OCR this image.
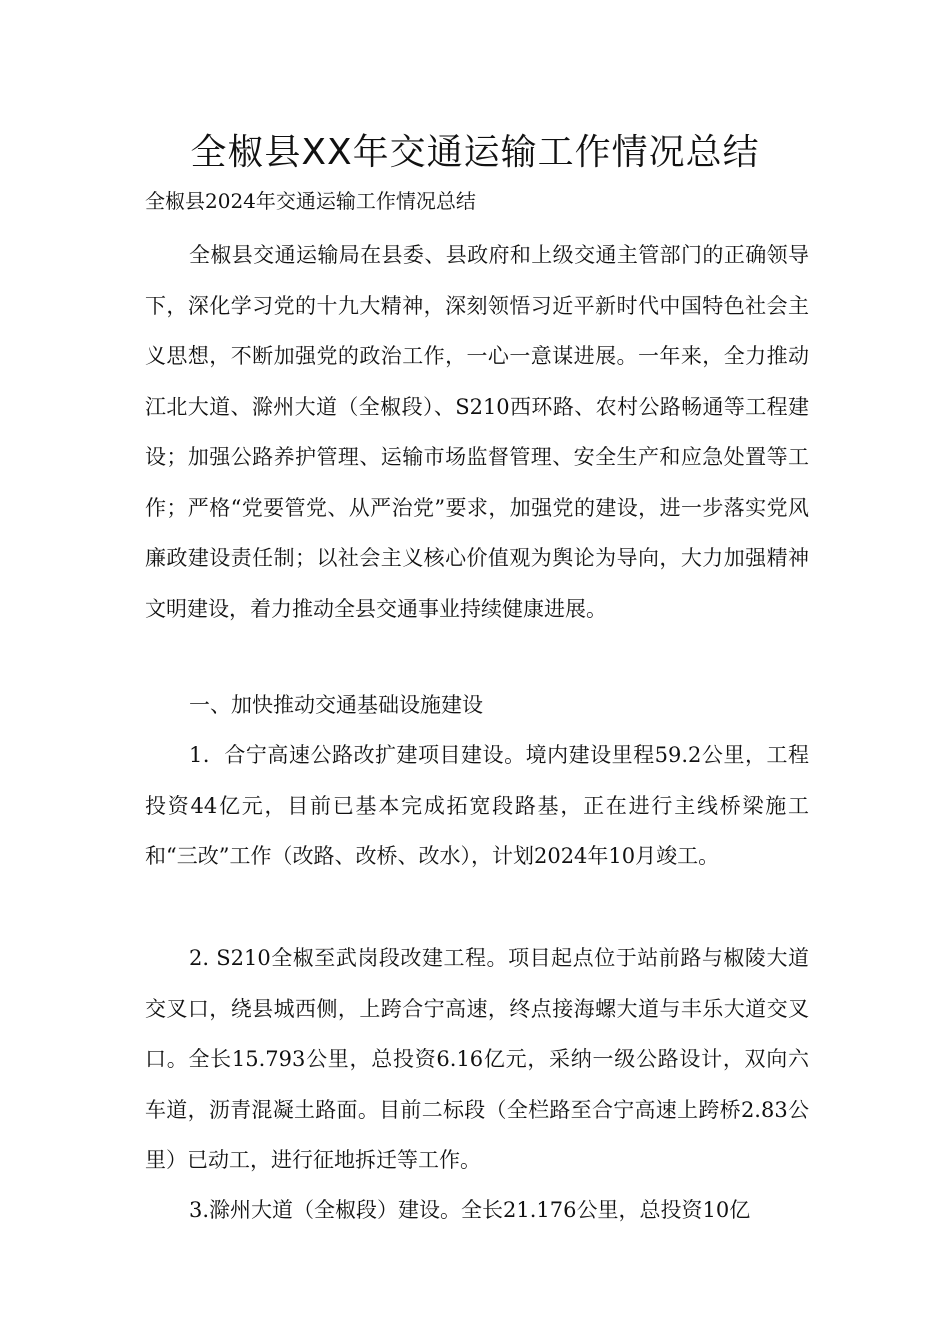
全椒县XX年交通运输工作情况总结

全椒县2024年交通运输工作情况总结

全椒县交通运输局在县委、县政府和上级交通主管部门的正确领导下，深化学习党的十九大精神，深刻领悟习近平新时代中国特色社会主义思想，不断加强党的政治工作，一心一意谋进展。一年来，全力推动江北大道、滁州大道（全椒段）、S210西环路、农村公路畅通等工程建设；加强公路养护管理、运输市场监督管理、安全生产和应急处置等工作；严格“党要管党、从严治党”要求，加强党的建设，进一步落实党风廉政建设责任制；以社会主义核心价值观为舆论为导向，大力加强精神文明建设，着力推动全县交通事业持续健康进展。

一、加快推动交通基础设施建设

1．合宁高速公路改扩建项目建设。境内建设里程59.2公里，工程投资44亿元，目前已基本完成拓宽段路基，正在进行主线桥梁施工和“三改”工作（改路、改桥、改水），计划2024年10月竣工。

2. S210全椒至武岗段改建工程。项目起点位于站前路与椒陵大道交叉口，绕县城西侧，上跨合宁高速，终点接海螺大道与丰乐大道交叉口。全长15.793公里，总投资6.16亿元，采纳一级公路设计，双向六车道，沥青混凝土路面。目前二标段（全栏路至合宁高速上跨桥2.83公里）已动工，进行征地拆迁等工作。

3.滁州大道（全椒段）建设。全长21.176公里，总投资10亿
